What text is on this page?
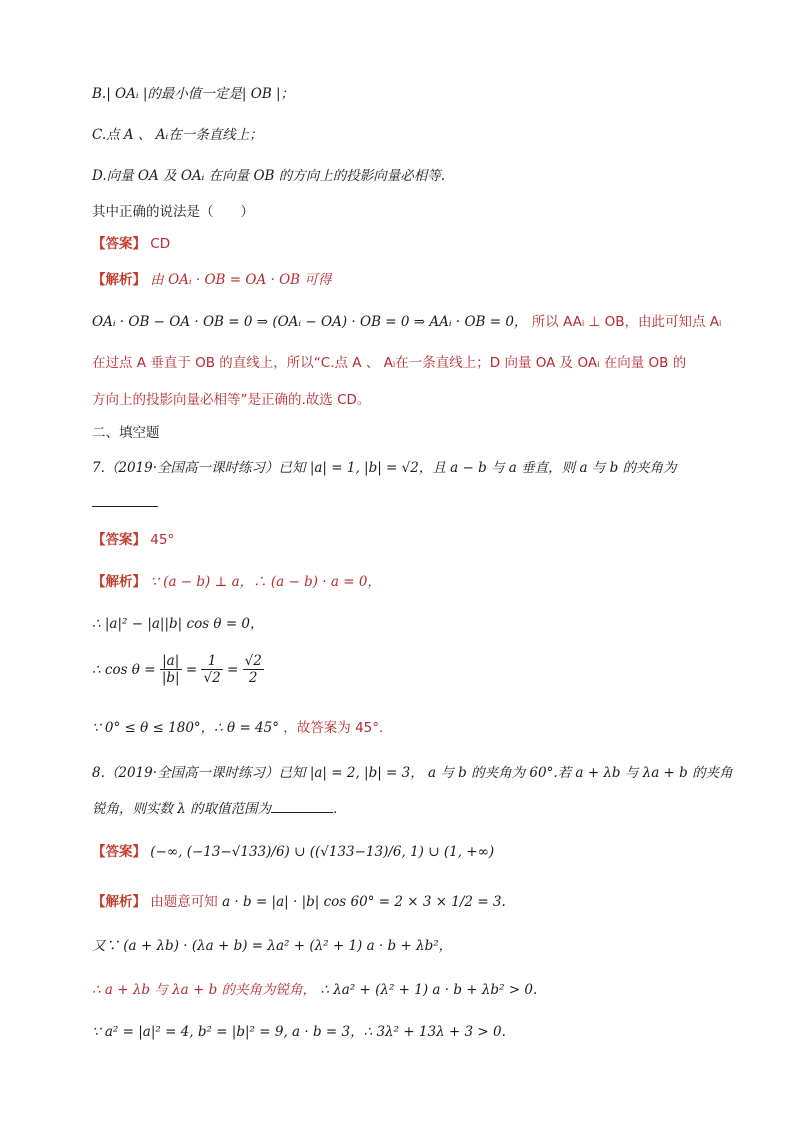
B.| OAᵢ |的最小值一定是| OB |；
C.点 A 、 Aᵢ在一条直线上；
D.向量 OA 及 OAᵢ 在向量 OB 的方向上的投影向量必相等.
其中正确的说法是（　　）
【答案】 CD
【解析】 由 OAᵢ · OB = OA · OB 可得
OAᵢ · OB − OA · OB = 0 ⇒ (OAᵢ − OA) · OB = 0 ⇒ AAᵢ · OB = 0， 所以 AAᵢ ⊥ OB，由此可知点 Aᵢ
在过点 A 垂直于 OB 的直线上，所以“C.点 A 、 Aᵢ在一条直线上；D 向量 OA 及 OAᵢ 在向量 OB 的
方向上的投影向量必相等”是正确的.故选 CD。
二、填空题
7.（2019·全国高一课时练习）已知 |a| = 1, |b| = √2，且 a − b 与 a 垂直，则 a 与 b 的夹角为
【答案】 45°
【解析】 ∵ (a − b) ⊥ a，∴ (a − b) · a = 0，
∴ |a|² − |a||b| cos θ = 0，
∴ $\cos \theta = \frac{|a|}{|b|} = \frac{1}{√2} = \frac{√2}{2}$
∵ 0° ≤ θ ≤ 180°，∴ θ = 45° ，故答案为 45°.
8.（2019·全国高一课时练习）已知 |a| = 2, |b| = 3， a 与 b 的夹角为 60°.若 a + λb 与 λa + b 的夹角
锐角，则实数 λ 的取值范围为	.
【答案】 (−∞, (−13−√133)/6) ∪ ((√133−13)/6, 1) ∪ (1, +∞)
【解析】 由题意可知 a · b = |a| · |b| cos 60° = 2 × 3 × 1/2 = 3.
又∵ (a + λb) · (λa + b) = λa² + (λ² + 1) a · b + λb²，
∴ a + λb 与 λa + b 的夹角为锐角， ∴ λa² + (λ² + 1) a · b + λb² > 0.
∵ a² = |a|² = 4, b² = |b|² = 9, a · b = 3，∴ 3λ² + 13λ + 3 > 0.
